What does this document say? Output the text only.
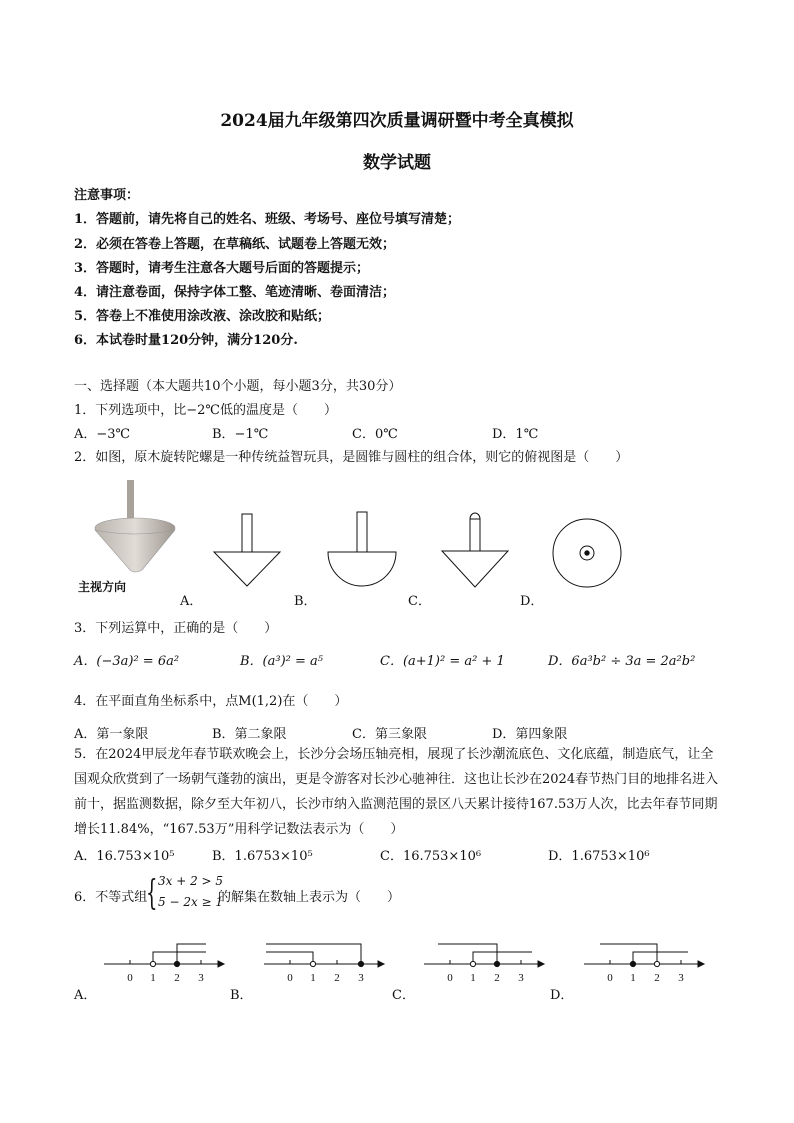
2024届九年级第四次质量调研暨中考全真模拟
数学试题
注意事项：
1．答题前，请先将自己的姓名、班级、考场号、座位号填写清楚；
2．必须在答卷上答题，在草稿纸、试题卷上答题无效；
3．答题时，请考生注意各大题号后面的答题提示；
4．请注意卷面，保持字体工整、笔迹清晰、卷面清洁；
5．答卷上不准使用涂改液、涂改胶和贴纸；
6．本试卷时量120分钟，满分120分.
一、选择题（本大题共10个小题，每小题3分，共30分）
1．下列选项中，比−2℃低的温度是（　　）
A．−3℃	B．−1℃	C．0℃	D．1℃
2．如图，原木旋转陀螺是一种传统益智玩具，是圆锥与圆柱的组合体，则它的俯视图是（　　）
主视方向
A．	B．	C．	D．
3．下列运算中，正确的是（　　）
A．(−3a)² = 6a²	B．(a³)² = a⁵	C．(a+1)² = a² + 1	D．6a³b² ÷ 3a = 2a²b²
4．在平面直角坐标系中，点M(1,2)在（　　）
A．第一象限	B．第二象限	C．第三象限	D．第四象限
5．在2024甲辰龙年春节联欢晚会上，长沙分会场压轴亮相，展现了长沙潮流底色、文化底蕴，制造底气，让全国观众欣赏到了一场朝气蓬勃的演出，更是令游客对长沙心驰神往．这也让长沙在2024春节热门目的地排名进入前十，据监测数据，除夕至大年初八，长沙市纳入监测范围的景区八天累计接待167.53万人次，比去年春节同期增长11.84%，“167.53万”用科学记数法表示为（　　）
A．16.753×10⁵	B．1.6753×10⁵	C．16.753×10⁶	D．1.6753×10⁶
6．不等式组
{ 3x + 2 > 5
5 − 2x ≥ 1
的解集在数轴上表示为（　　）
0 1 2 3	0 1 2 3	0 1 2 3	0 1 2 3
A．	B．	C．	D．
